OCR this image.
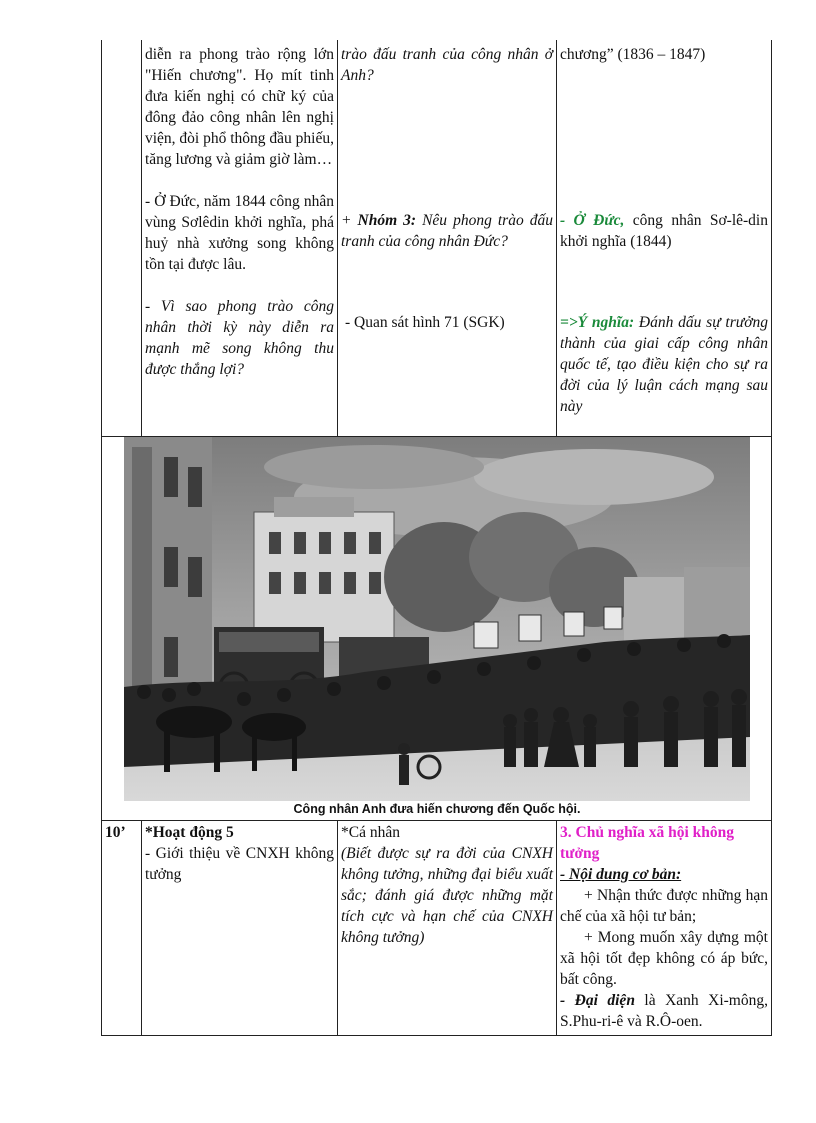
diễn ra phong trào rộng lớn "Hiến chương". Họ mít tinh đưa kiến nghị có chữ ký của đông đảo công nhân lên nghị viện, đòi phổ thông đầu phiếu, tăng lương và giảm giờ làm…

- Ở Đức, năm 1844 công nhân vùng Sơlêdin khởi nghĩa, phá huỷ nhà xưởng song không tồn tại được lâu.

- Vì sao phong trào công nhân thời kỳ này diễn ra mạnh mẽ song không thu được thắng lợi?

trào đấu tranh của công nhân ở Anh?

+ Nhóm 3: Nêu phong trào đấu tranh của công nhân Đức?

- Quan sát hình 71 (SGK)

chương” (1836 – 1847)

- Ở Đức, công nhân Sơ-lê-din khởi nghĩa (1844)

=>Ý nghĩa: Đánh dấu sự trưởng thành của giai cấp công nhân quốc tế, tạo điều kiện cho sự ra đời của lý luận cách mạng sau này

Công nhân Anh đưa hiến chương đến Quốc hội.
10’	*Hoạt động 5

- Giới thiệu về CNXH không tưởng

*Cá nhân

(Biết được sự ra đời của CNXH không tưởng, những đại biểu xuất sắc; đánh giá được những mặt tích cực và hạn chế của CNXH không tưởng)

3. Chủ nghĩa xã hội không tưởng

- Nội dung cơ bản:

+ Nhận thức được những hạn chế của xã hội tư bản;

+ Mong muốn xây dựng một xã hội tốt đẹp không có áp bức, bất công.

- Đại diện là Xanh Xi-mông, S.Phu-ri-ê và R.Ô-oen.
